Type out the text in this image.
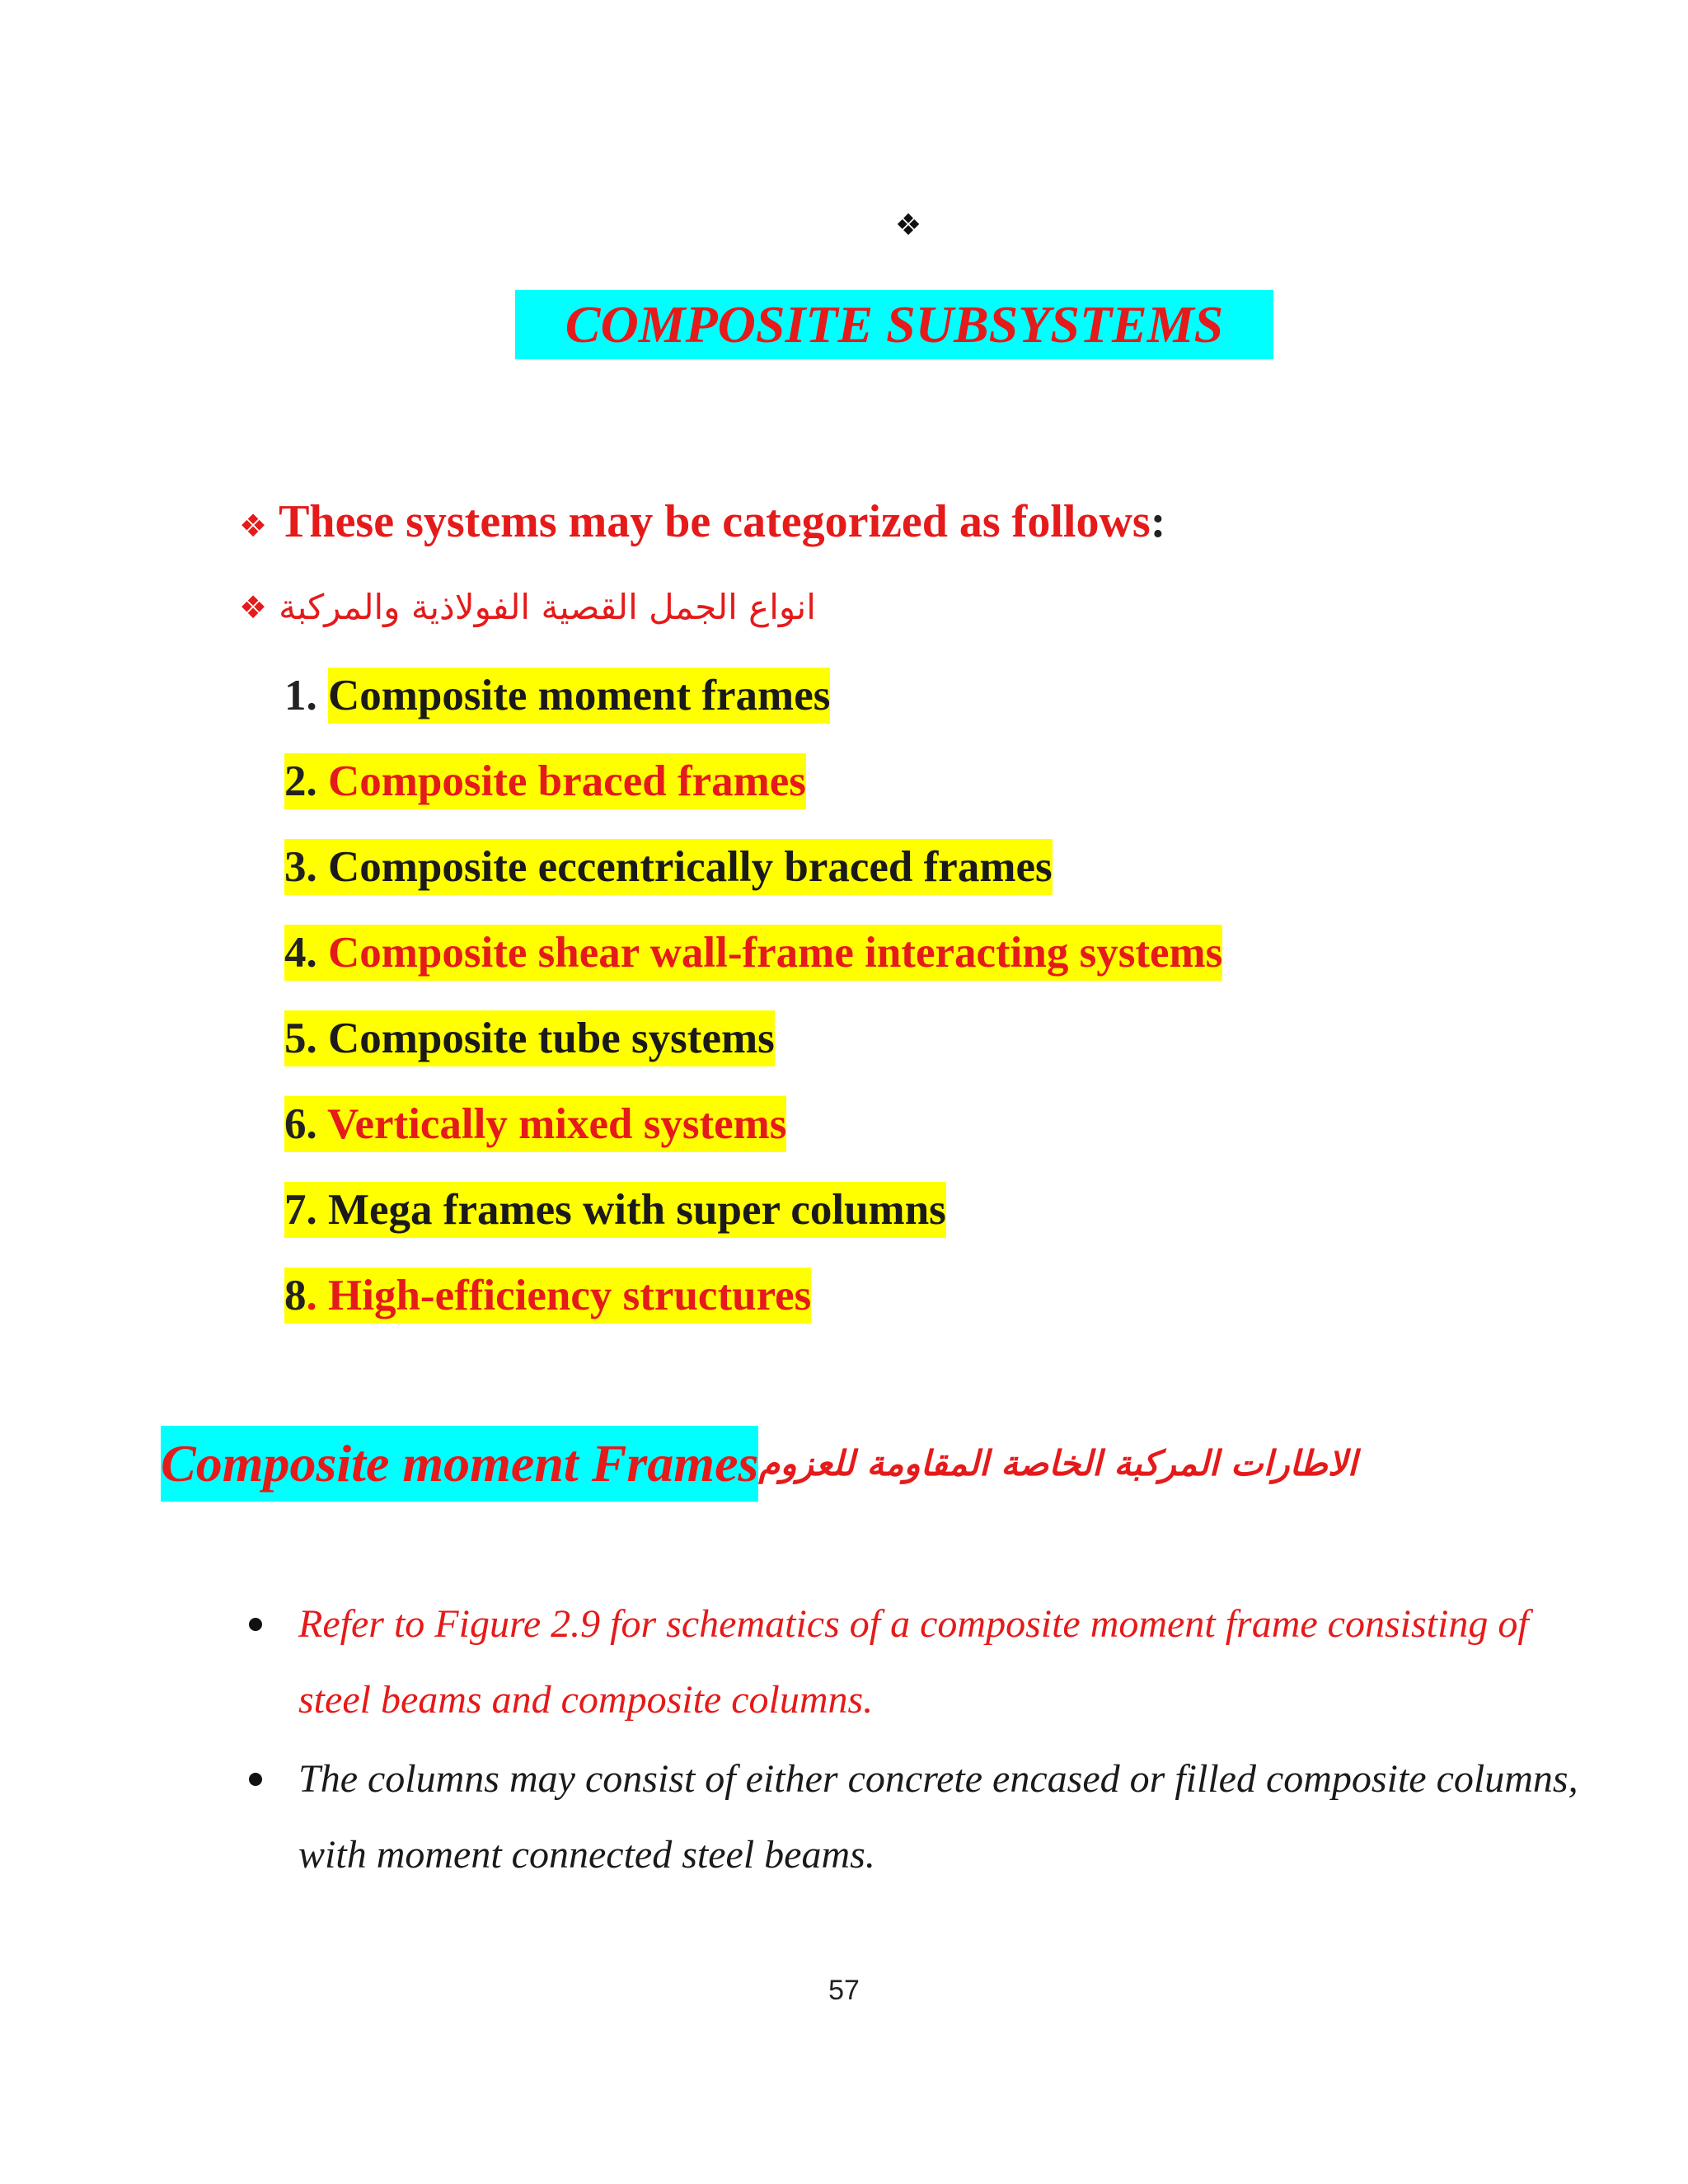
❖
COMPOSITE SUBSYSTEMS
❖ These systems may be categorized as follows:
❖ انواع الجمل القصية الفولاذية والمركبة
1. Composite moment frames
2. Composite braced frames
3. Composite eccentrically braced frames
4. Composite shear wall-frame interacting systems
5. Composite tube systems
6. Vertically mixed systems
7. Mega frames with super columns
8. High-efficiency structures
Composite moment Framesالاطارات المركبة الخاصة المقاومة للعزوم
Refer to Figure 2.9 for schematics of a composite moment frame consisting of steel beams and composite columns.
The columns may consist of either concrete encased or filled composite columns, with moment connected steel beams.
57
